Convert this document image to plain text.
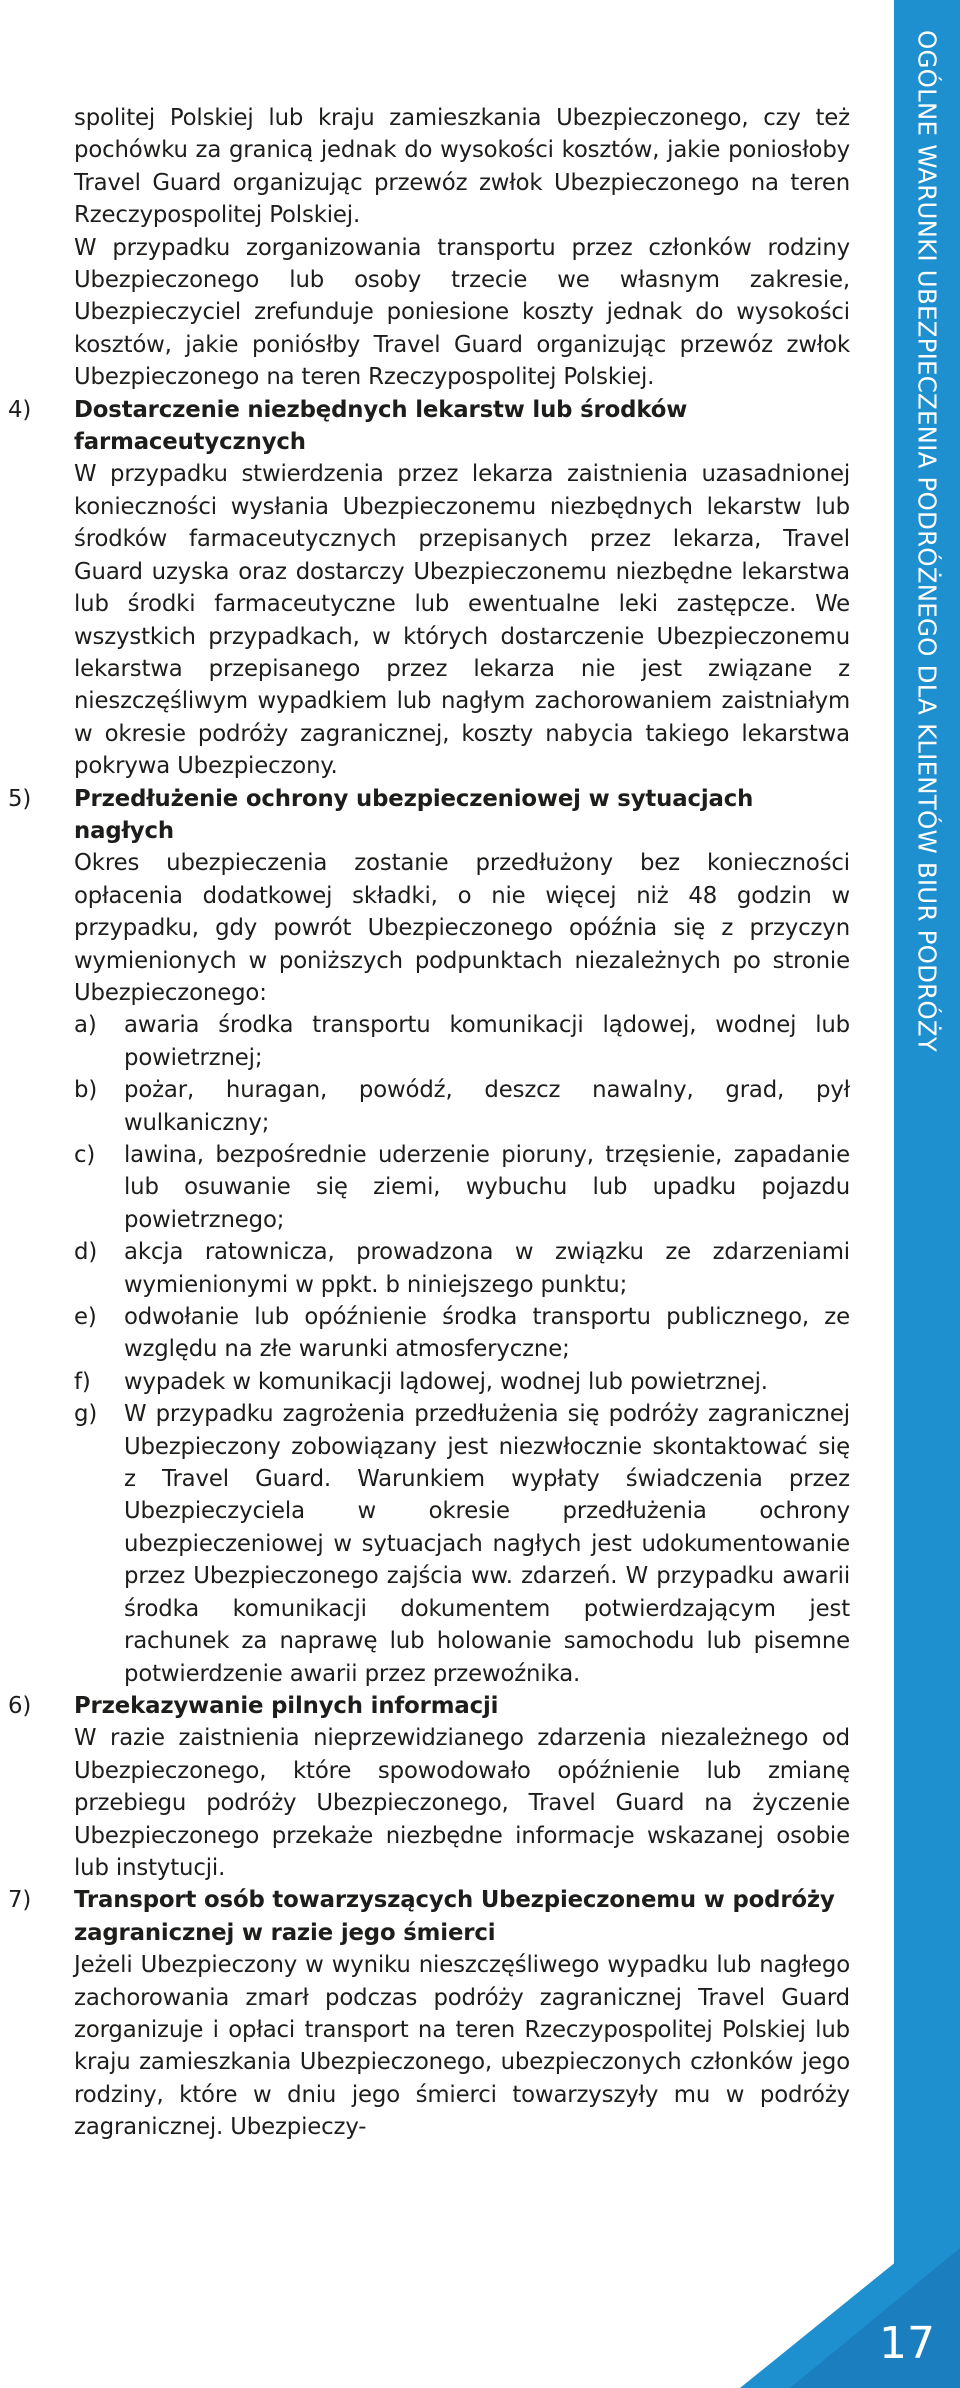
OGÓLNE WARUNKI UBEZPIECZENIA PODRÓŻNEGO DLA KLIENTÓW BIUR PODRÓŻY
17

spolitej Polskiej lub kraju zamieszkania Ubezpieczonego, czy też pochówku za granicą jednak do wysokości kosztów, jakie poniosłoby Travel Guard organizując przewóz zwłok Ubezpieczonego na teren Rzeczypospolitej Polskiej.

W przypadku zorganizowania transportu przez członków rodziny Ubezpieczonego lub osoby trzecie we własnym zakresie, Ubezpieczyciel zrefunduje poniesione koszty jednak do wysokości kosztów, jakie poniósłby Travel Guard organizując przewóz zwłok Ubezpieczonego na teren Rzeczypospolitej Polskiej.

4) Dostarczenie niezbędnych lekarstw lub środków farmaceutycznych

W przypadku stwierdzenia przez lekarza zaistnienia uzasadnionej konieczności wysłania Ubezpieczonemu niezbędnych lekarstw lub środków farmaceutycznych przepisanych przez lekarza, Travel Guard uzyska oraz dostarczy Ubezpieczonemu niezbędne lekarstwa lub środki farmaceutyczne lub ewentualne leki zastępcze. We wszystkich przypadkach, w których dostarczenie Ubezpieczonemu lekarstwa przepisanego przez lekarza nie jest związane z nieszczęśliwym wypadkiem lub nagłym zachorowaniem zaistniałym w okresie podróży zagranicznej, koszty nabycia takiego lekarstwa pokrywa Ubezpieczony.

5) Przedłużenie ochrony ubezpieczeniowej w sytuacjach nagłych

Okres ubezpieczenia zostanie przedłużony bez konieczności opłacenia dodatkowej składki, o nie więcej niż 48 godzin w przypadku, gdy powrót Ubezpieczonego opóźnia się z przyczyn wymienionych w poniższych podpunktach niezależnych po stronie Ubezpieczonego:

a) awaria środka transportu komunikacji lądowej, wodnej lub powietrznej;
b) pożar, huragan, powódź, deszcz nawalny, grad, pył wulkaniczny;
c) lawina, bezpośrednie uderzenie pioruny, trzęsienie, zapadanie lub osuwanie się ziemi, wybuchu lub upadku pojazdu powietrznego;
d) akcja ratownicza, prowadzona w związku ze zdarzeniami wymienionymi w ppkt. b niniejszego punktu;
e) odwołanie lub opóźnienie środka transportu publicznego, ze względu na złe warunki atmosferyczne;
f) wypadek w komunikacji lądowej, wodnej lub powietrznej.
g) W przypadku zagrożenia przedłużenia się podróży zagranicznej Ubezpieczony zobowiązany jest niezwłocznie skontaktować się z Travel Guard. Warunkiem wypłaty świadczenia przez Ubezpieczyciela w okresie przedłużenia ochrony ubezpieczeniowej w sytuacjach nagłych jest udokumentowanie przez Ubezpieczonego zajścia ww. zdarzeń. W przypadku awarii środka komunikacji dokumentem potwierdzającym jest rachunek za naprawę lub holowanie samochodu lub pisemne potwierdzenie awarii przez przewoźnika.

6) Przekazywanie pilnych informacji

W razie zaistnienia nieprzewidzianego zdarzenia niezależnego od Ubezpieczonego, które spowodowało opóźnienie lub zmianę przebiegu podróży Ubezpieczonego, Travel Guard na życzenie Ubezpieczonego przekaże niezbędne informacje wskazanej osobie lub instytucji.

7) Transport osób towarzyszących Ubezpieczonemu w podróży zagranicznej w razie jego śmierci

Jeżeli Ubezpieczony w wyniku nieszczęśliwego wypadku lub nagłego zachorowania zmarł podczas podróży zagranicznej Travel Guard zorganizuje i opłaci transport na teren Rzeczypospolitej Polskiej lub kraju zamieszkania Ubezpieczonego, ubezpieczonych członków jego rodziny, które w dniu jego śmierci towarzyszyły mu w podróży zagranicznej. Ubezpieczy-
